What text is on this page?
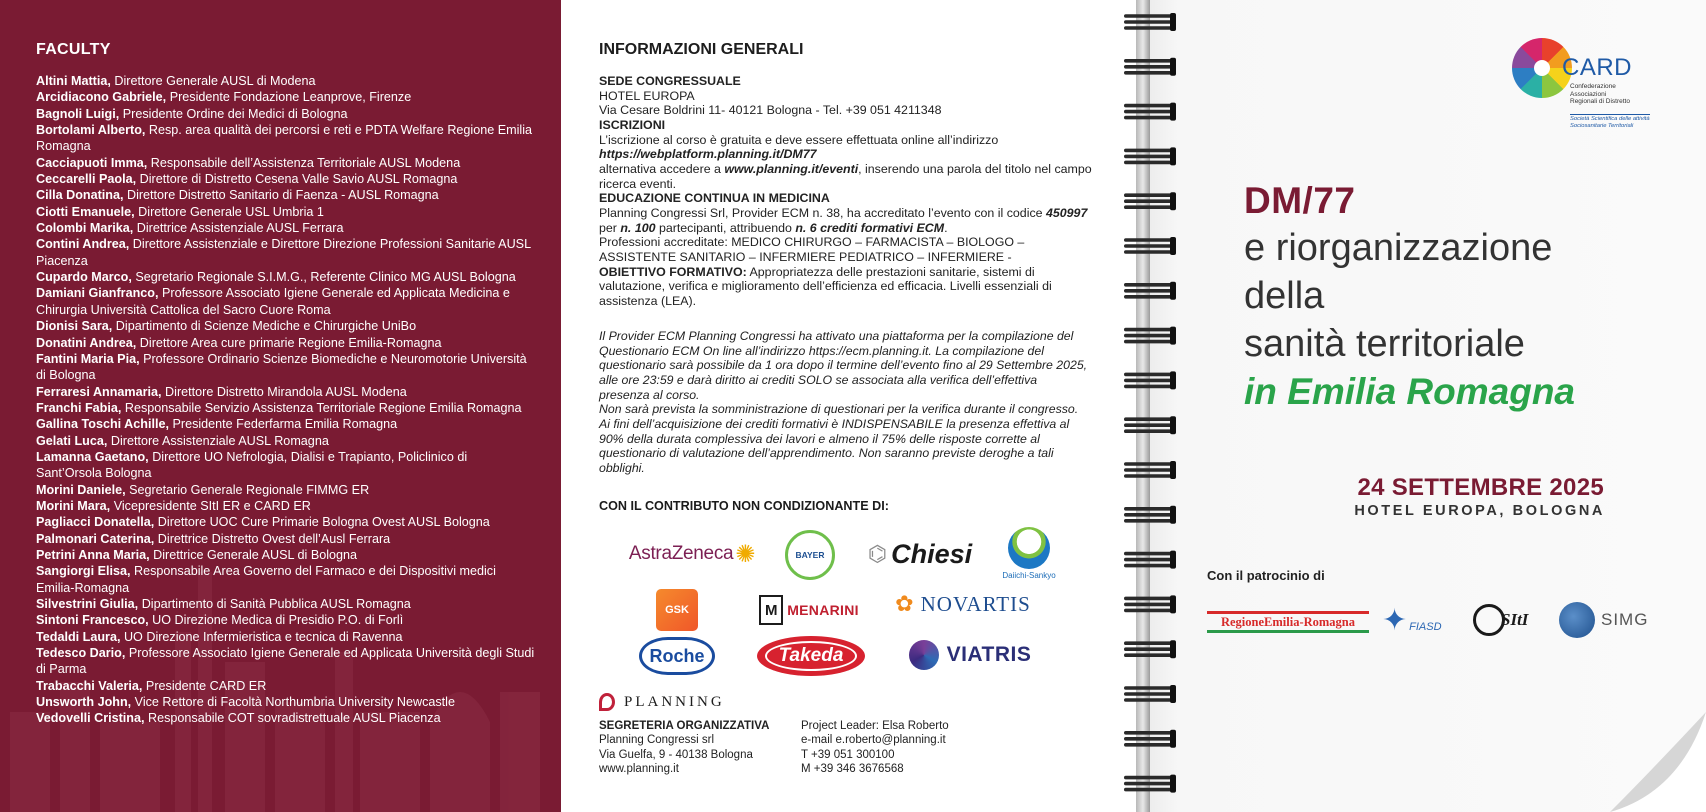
FACULTY
Altini Mattia, Direttore Generale AUSL di Modena
Arcidiacono Gabriele, Presidente Fondazione Leanprove, Firenze
Bagnoli Luigi, Presidente Ordine dei Medici di Bologna
Bortolami Alberto, Resp. area qualità dei percorsi e reti e PDTA Welfare Regione Emilia Romagna
Cacciapuoti Imma, Responsabile dell’Assistenza Territoriale AUSL Modena
Ceccarelli Paola, Direttore di Distretto Cesena Valle Savio AUSL Romagna
Cilla Donatina, Direttore Distretto Sanitario di Faenza - AUSL Romagna
Ciotti Emanuele, Direttore Generale USL Umbria 1
Colombi Marika, Direttrice Assistenziale AUSL Ferrara
Contini Andrea, Direttore Assistenziale e Direttore Direzione Professioni Sanitarie AUSL Piacenza
Cupardo Marco, Segretario Regionale S.I.M.G., Referente Clinico MG AUSL Bologna
Damiani Gianfranco, Professore Associato Igiene Generale ed Applicata Medicina e Chirurgia Università Cattolica del Sacro Cuore Roma
Dionisi Sara, Dipartimento di Scienze Mediche e Chirurgiche UniBo
Donatini Andrea, Direttore Area cure primarie Regione Emilia-Romagna
Fantini Maria Pia, Professore Ordinario Scienze Biomediche e Neuromotorie Università di Bologna
Ferraresi Annamaria, Direttore Distretto Mirandola AUSL Modena
Franchi Fabia, Responsabile Servizio Assistenza Territoriale Regione Emilia Romagna
Gallina Toschi Achille, Presidente Federfarma Emilia Romagna
Gelati Luca, Direttore Assistenziale AUSL Romagna
Lamanna Gaetano, Direttore UO Nefrologia, Dialisi e Trapianto, Policlinico di Sant’Orsola Bologna
Morini Daniele, Segretario Generale Regionale FIMMG ER
Morini Mara, Vicepresidente SItI ER e CARD ER
Pagliacci Donatella, Direttore UOC Cure Primarie Bologna Ovest AUSL Bologna
Palmonari Caterina, Direttrice Distretto Ovest dell’Ausl Ferrara
Petrini Anna Maria, Direttrice Generale AUSL di Bologna
Sangiorgi Elisa, Responsabile Area Governo del Farmaco e dei Dispositivi medici Emilia-Romagna
Silvestrini Giulia, Dipartimento di Sanità Pubblica AUSL Romagna
Sintoni Francesco, UO Direzione Medica di Presidio P.O. di Forlì
Tedaldi Laura, UO Direzione Infermieristica e tecnica di Ravenna
Tedesco Dario, Professore Associato Igiene Generale ed Applicata Università degli Studi di Parma
Trabacchi Valeria, Presidente CARD ER
Unsworth John, Vice Rettore di Facoltà Northumbria University Newcastle
Vedovelli Cristina, Responsabile COT sovradistrettuale AUSL Piacenza
INFORMAZIONI GENERALI
SEDE CONGRESSUALE
HOTEL EUROPA
Via Cesare Boldrini 11- 40121 Bologna - Tel. +39 051 4211348
ISCRIZIONI
L’iscrizione al corso è gratuita e deve essere effettuata online all’indirizzo
https://webplatform.planning.it/DM77
alternativa accedere a www.planning.it/eventi, inserendo una parola del titolo nel campo ricerca eventi.
EDUCAZIONE CONTINUA IN MEDICINA
Planning Congressi Srl, Provider ECM n. 38, ha accreditato l’evento con il codice 450997 per n. 100 partecipanti, attribuendo n. 6 crediti formativi ECM.
Professioni accreditate: MEDICO CHIRURGO – FARMACISTA – BIOLOGO – ASSISTENTE SANITARIO – INFERMIERE PEDIATRICO – INFERMIERE -
OBIETTIVO FORMATIVO: Appropriatezza delle prestazioni sanitarie, sistemi di valutazione, verifica e miglioramento dell’efficienza ed efficacia. Livelli essenziali di assistenza (LEA).
Il Provider ECM Planning Congressi ha attivato una piattaforma per la compilazione del Questionario ECM On line all’indirizzo https://ecm.planning.it. La compilazione del questionario sarà possibile da 1 ora dopo il termine dell’evento fino al 29 Settembre 2025, alle ore 23:59 e darà diritto ai crediti SOLO se associata alla verifica dell’effettiva presenza al corso.
Non sarà prevista la somministrazione di questionari per la verifica durante il congresso. Ai fini dell’acquisizione dei crediti formativi è INDISPENSABILE la presenza effettiva al 90% della durata complessiva dei lavori e almeno il 75% delle risposte corrette al questionario di valutazione dell’apprendimento. Non saranno previste deroghe a tali obblighi.
CON IL CONTRIBUTO NON CONDIZIONANTE DI:
AstraZeneca ✺	BAYER ⌬ Chiesi
Daiichi-Sankyo
GSK	M MENARINI ✿ NOVARTIS
Roche	Takeda	VIATRIS
PLANNING
SEGRETERIA ORGANIZZATIVA
Planning Congressi srl
Via Guelfa, 9 - 40138 Bologna
www.planning.it
Project Leader: Elsa Roberto
e-mail e.roberto@planning.it
T +39 051 300100
M +39 346 3676568
CARD
Confederazione
Associazioni
Regionali di Distretto
Società Scientifica delle attività
Sociosanitarie Territoriali
DM/77
e riorganizzazione
della
sanità territoriale
in Emilia Romagna
24 SETTEMBRE 2025
HOTEL EUROPA, BOLOGNA
Con il patrocinio di
RegioneEmilia-Romagna ✦ FIASD	SItI	SIMG
